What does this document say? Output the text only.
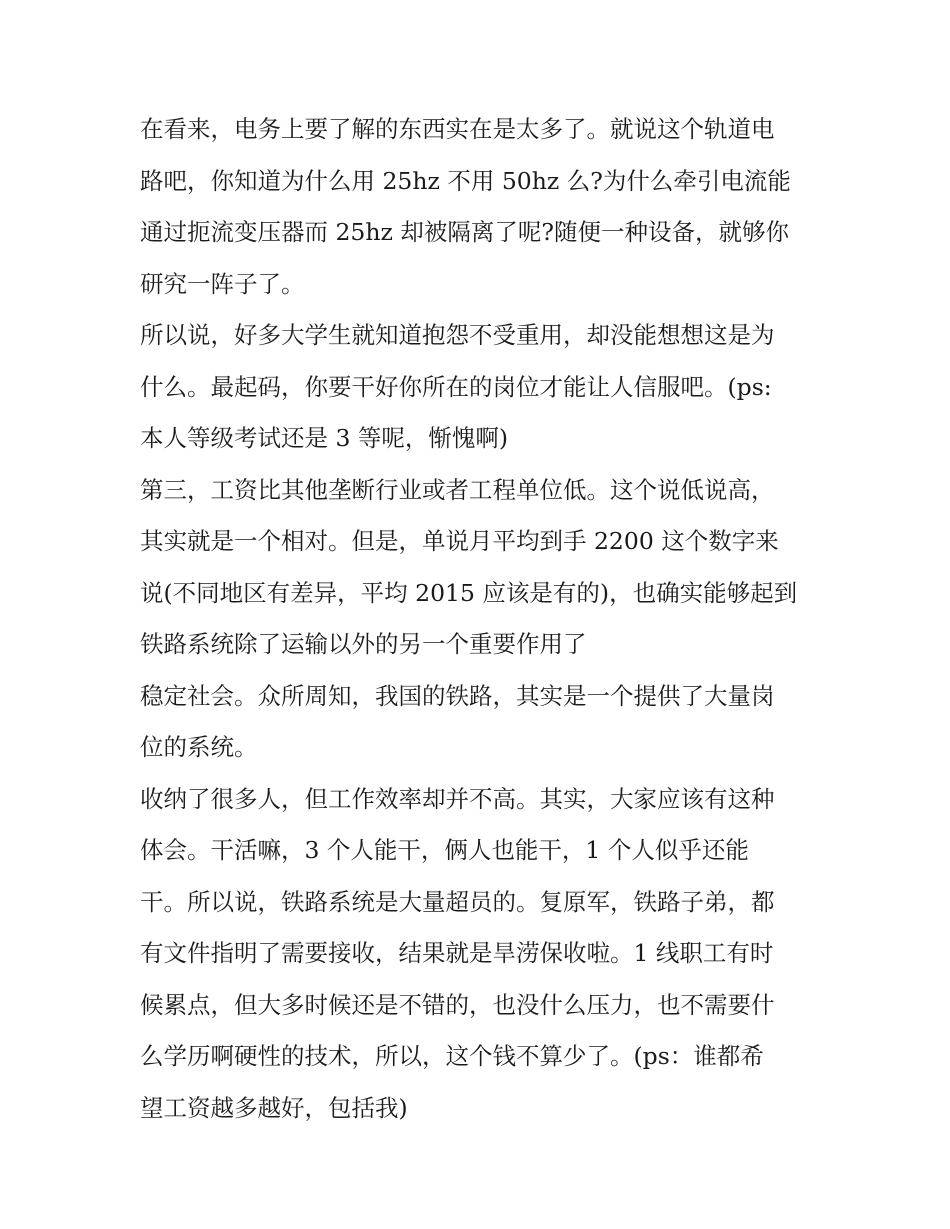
在看来，电务上要了解的东西实在是太多了。就说这个轨道电

路吧，你知道为什么用 25hz 不用 50hz 么?为什么牵引电流能

通过扼流变压器而 25hz 却被隔离了呢?随便一种设备，就够你

研究一阵子了。

所以说，好多大学生就知道抱怨不受重用，却没能想想这是为

什么。最起码，你要干好你所在的岗位才能让人信服吧。(ps:

本人等级考试还是 3 等呢，惭愧啊)

第三，工资比其他垄断行业或者工程单位低。这个说低说高，

其实就是一个相对。但是，单说月平均到手 2200 这个数字来

说(不同地区有差异，平均 2015 应该是有的)，也确实能够起到

铁路系统除了运输以外的另一个重要作用了

稳定社会。众所周知，我国的铁路，其实是一个提供了大量岗

位的系统。

收纳了很多人，但工作效率却并不高。其实，大家应该有这种

体会。干活嘛，3 个人能干，俩人也能干，1 个人似乎还能

干。所以说，铁路系统是大量超员的。复原军，铁路子弟，都

有文件指明了需要接收，结果就是旱涝保收啦。1 线职工有时

候累点，但大多时候还是不错的，也没什么压力，也不需要什

么学历啊硬性的技术，所以，这个钱不算少了。(ps：谁都希

望工资越多越好，包括我)
